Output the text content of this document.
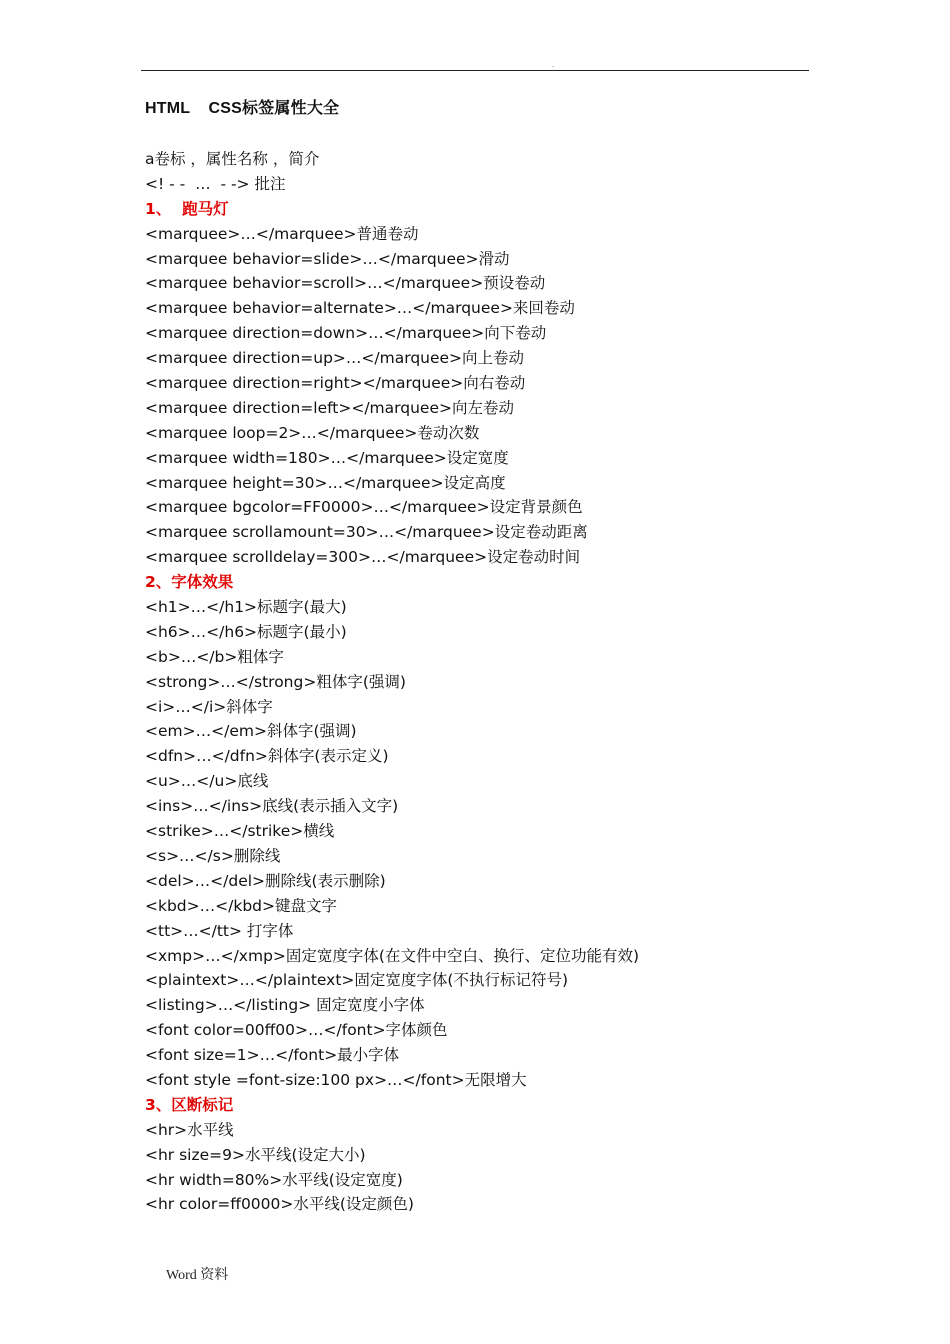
.
HTML    CSS标签属性大全
a卷标 ，属性名称 ，简介
<! - -  …  - -> 批注
1、  跑马灯
<marquee>…</marquee>普通卷动
<marquee behavior=slide>…</marquee>滑动
<marquee behavior=scroll>…</marquee>预设卷动
<marquee behavior=alternate>…</marquee>来回卷动
<marquee direction=down>…</marquee>向下卷动
<marquee direction=up>…</marquee>向上卷动
<marquee direction=right></marquee>向右卷动
<marquee direction=left></marquee>向左卷动
<marquee loop=2>…</marquee>卷动次数
<marquee width=180>…</marquee>设定宽度
<marquee height=30>…</marquee>设定高度
<marquee bgcolor=FF0000>…</marquee>设定背景颜色
<marquee scrollamount=30>…</marquee>设定卷动距离
<marquee scrolldelay=300>…</marquee>设定卷动时间
2、字体效果
<h1>…</h1>标题字(最大)
<h6>…</h6>标题字(最小)
<b>…</b>粗体字
<strong>…</strong>粗体字(强调)
<i>…</i>斜体字
<em>…</em>斜体字(强调)
<dfn>…</dfn>斜体字(表示定义)
<u>…</u>底线
<ins>…</ins>底线(表示插入文字)
<strike>…</strike>横线
<s>…</s>删除线
<del>…</del>删除线(表示删除)
<kbd>…</kbd>键盘文字
<tt>…</tt> 打字体
<xmp>…</xmp>固定宽度字体(在文件中空白、换行、定位功能有效)
<plaintext>…</plaintext>固定宽度字体(不执行标记符号)
<listing>…</listing> 固定宽度小字体
<font color=00ff00>…</font>字体颜色
<font size=1>…</font>最小字体
<font style =font-size:100 px>…</font>无限增大
3、区断标记
<hr>水平线
<hr size=9>水平线(设定大小)
<hr width=80%>水平线(设定宽度)
<hr color=ff0000>水平线(设定颜色)
Word 资料
